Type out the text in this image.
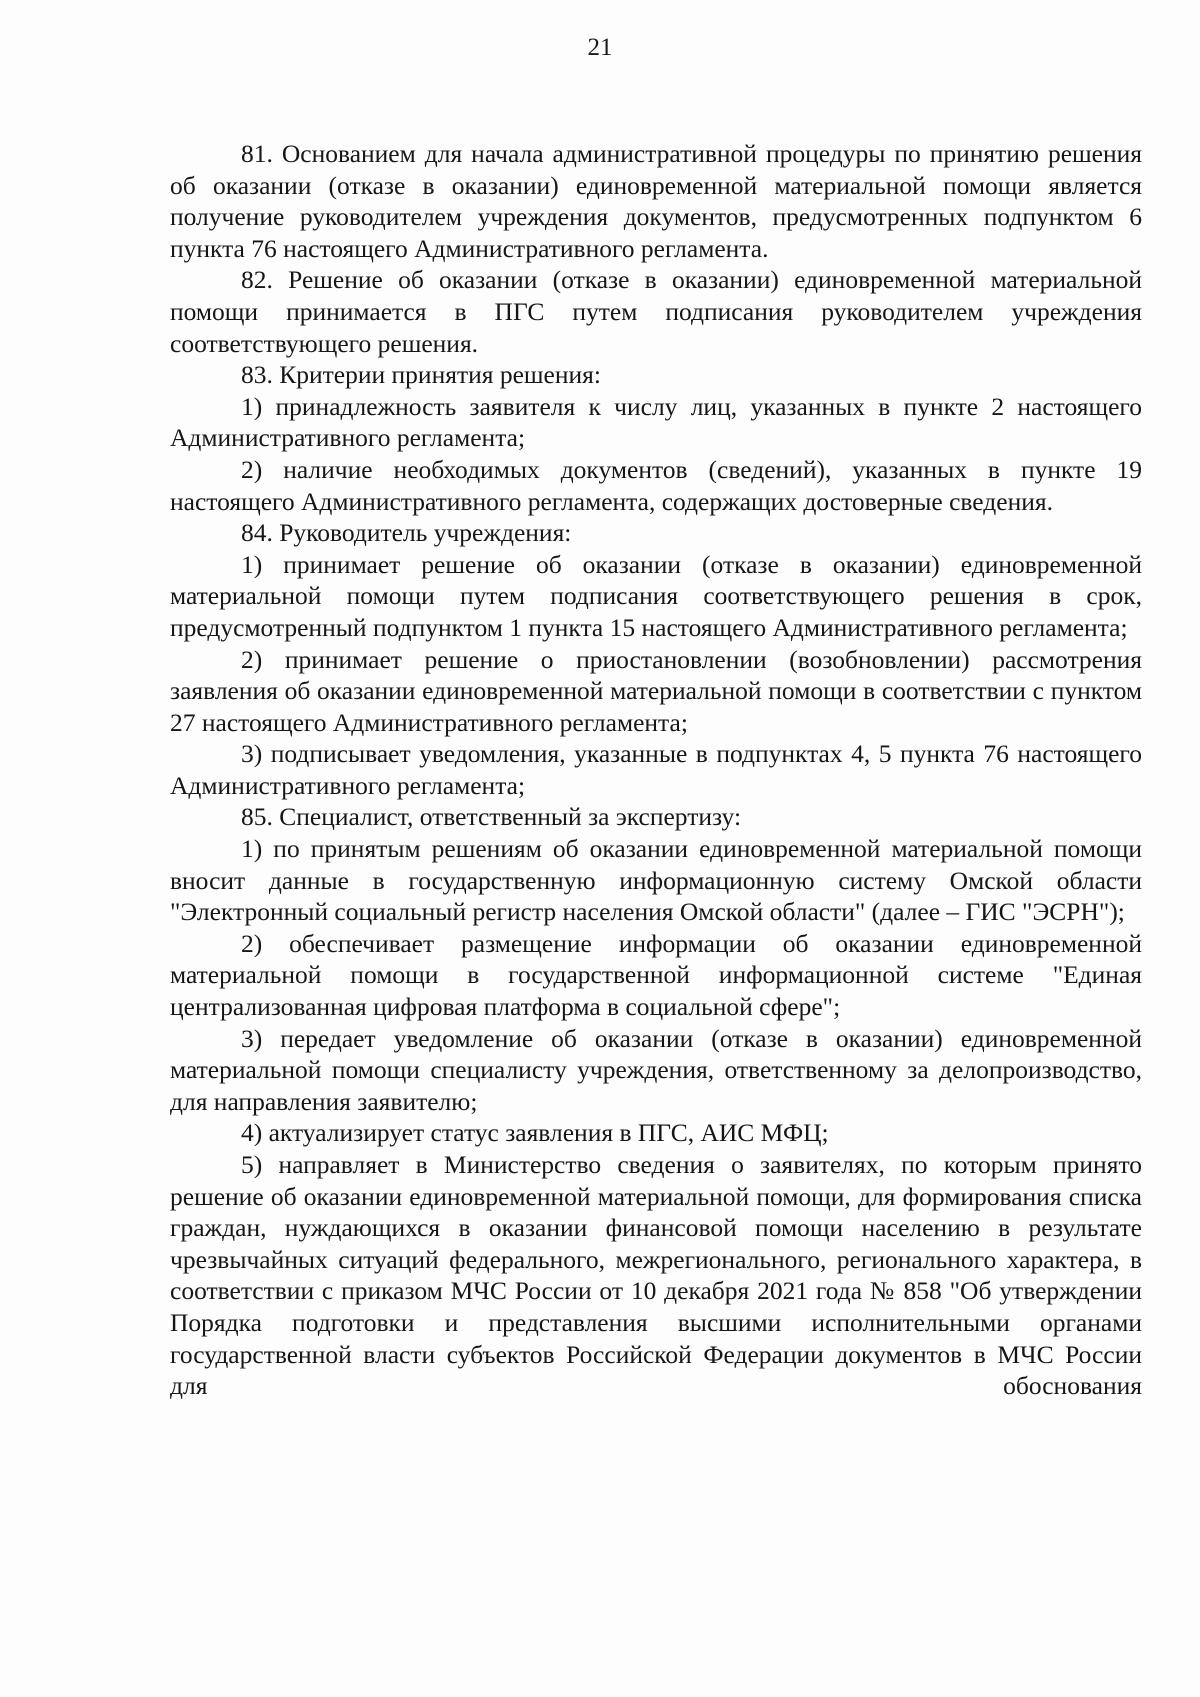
21

81. Основанием для начала административной процедуры по принятию решения об оказании (отказе в оказании) единовременной материальной помощи является получение руководителем учреждения документов, предусмотренных подпунктом 6 пункта 76 настоящего Административного регламента.

82. Решение об оказании (отказе в оказании) единовременной материальной помощи принимается в ПГС путем подписания руководителем учреждения соответствующего решения.

83. Критерии принятия решения:

1) принадлежность заявителя к числу лиц, указанных в пункте 2 настоящего Административного регламента;

2) наличие необходимых документов (сведений), указанных в пункте 19 настоящего Административного регламента, содержащих достоверные сведения.

84. Руководитель учреждения:

1) принимает решение об оказании (отказе в оказании) единовременной материальной помощи путем подписания соответствующего решения в срок, предусмотренный подпунктом 1 пункта 15 настоящего Административного регламента;

2) принимает решение о приостановлении (возобновлении) рассмотрения заявления об оказании единовременной материальной помощи в соответствии с пунктом 27 настоящего Административного регламента;

3) подписывает уведомления, указанные в подпунктах 4, 5 пункта 76 настоящего Административного регламента;

85. Специалист, ответственный за экспертизу:

1) по принятым решениям об оказании единовременной материальной помощи вносит данные в государственную информационную систему Омской области "Электронный социальный регистр населения Омской области" (далее – ГИС "ЭСРН");

2) обеспечивает размещение информации об оказании единовременной материальной помощи в государственной информационной системе "Единая централизованная цифровая платформа в социальной сфере";

3) передает уведомление об оказании (отказе в оказании) единовременной материальной помощи специалисту учреждения, ответственному за делопроизводство, для направления заявителю;

4) актуализирует статус заявления в ПГС, АИС МФЦ;

5) направляет в Министерство сведения о заявителях, по которым принято решение об оказании единовременной материальной помощи, для формирования списка граждан, нуждающихся в оказании финансовой помощи населению в результате чрезвычайных ситуаций федерального, межрегионального, регионального характера, в соответствии с приказом МЧС России от 10 декабря 2021 года № 858 "Об утверждении Порядка подготовки и представления высшими исполнительными органами государственной власти субъектов Российской Федерации документов в МЧС России для обоснования
